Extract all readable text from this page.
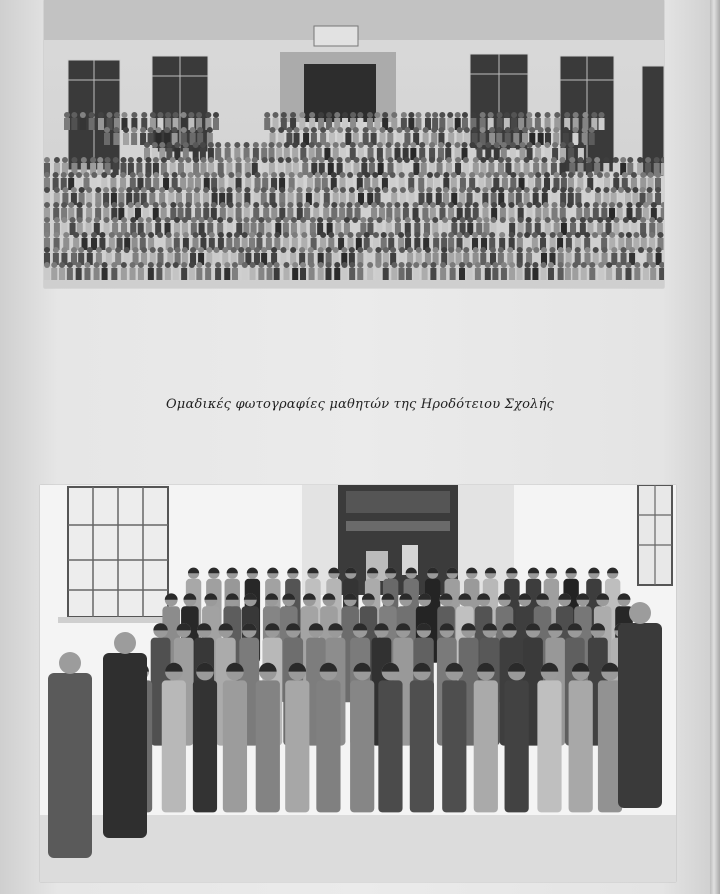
Ομαδικές φωτογραφίες μαθητών της Ηροδότειου Σχολής
